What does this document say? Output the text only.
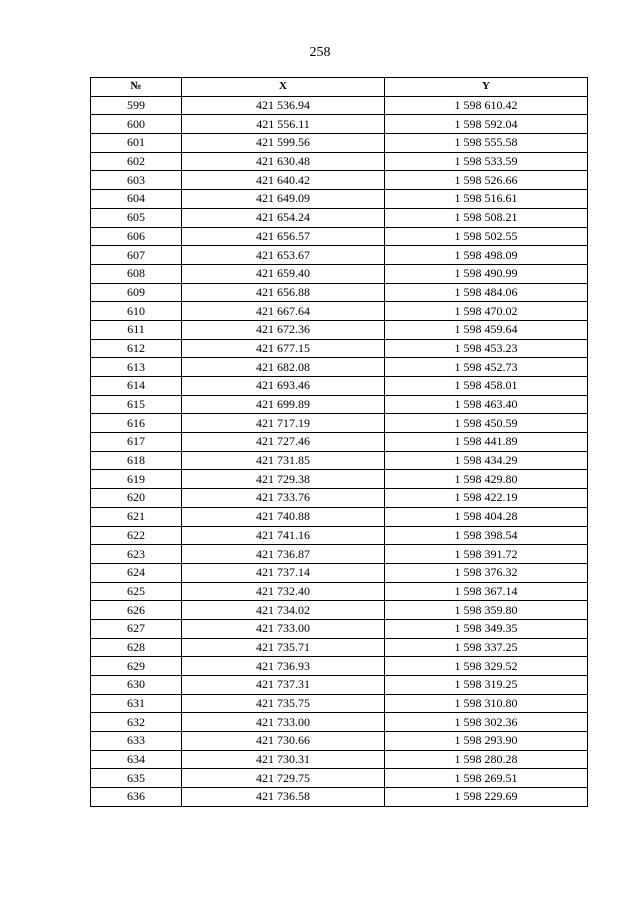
258
№	X	Y
599	421 536.94	1 598 610.42
600	421 556.11	1 598 592.04
601	421 599.56	1 598 555.58
602	421 630.48	1 598 533.59
603	421 640.42	1 598 526.66
604	421 649.09	1 598 516.61
605	421 654.24	1 598 508.21
606	421 656.57	1 598 502.55
607	421 653.67	1 598 498.09
608	421 659.40	1 598 490.99
609	421 656.88	1 598 484.06
610	421 667.64	1 598 470.02
611	421 672.36	1 598 459.64
612	421 677.15	1 598 453.23
613	421 682.08	1 598 452.73
614	421 693.46	1 598 458.01
615	421 699.89	1 598 463.40
616	421 717.19	1 598 450.59
617	421 727.46	1 598 441.89
618	421 731.85	1 598 434.29
619	421 729.38	1 598 429.80
620	421 733.76	1 598 422.19
621	421 740.88	1 598 404.28
622	421 741.16	1 598 398.54
623	421 736.87	1 598 391.72
624	421 737.14	1 598 376.32
625	421 732.40	1 598 367.14
626	421 734.02	1 598 359.80
627	421 733.00	1 598 349.35
628	421 735.71	1 598 337.25
629	421 736.93	1 598 329.52
630	421 737.31	1 598 319.25
631	421 735.75	1 598 310.80
632	421 733.00	1 598 302.36
633	421 730.66	1 598 293.90
634	421 730.31	1 598 280.28
635	421 729.75	1 598 269.51
636	421 736.58	1 598 229.69
